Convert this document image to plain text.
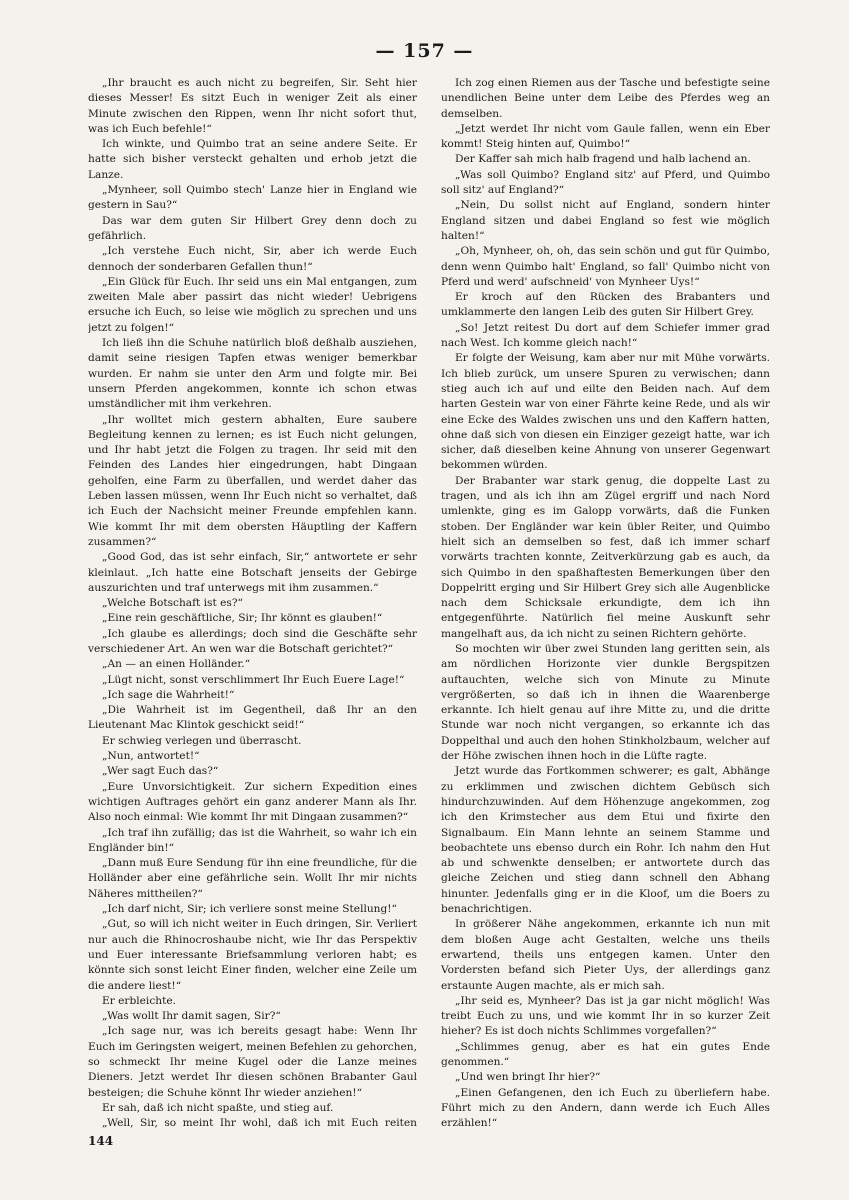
— 157 —

„Ihr braucht es auch nicht zu begreifen, Sir. Seht hier dieses Messer! Es sitzt Euch in weniger Zeit als einer Minute zwischen den Rippen, wenn Ihr nicht sofort thut, was ich Euch befehle!“

Ich winkte, und Quimbo trat an seine andere Seite. Er hatte sich bisher versteckt gehalten und erhob jetzt die Lanze.

„Mynheer, soll Quimbo stech' Lanze hier in England wie gestern in Sau?“

Das war dem guten Sir Hilbert Grey denn doch zu gefährlich.

„Ich verstehe Euch nicht, Sir, aber ich werde Euch dennoch der sonderbaren Gefallen thun!“

„Ein Glück für Euch. Ihr seid uns ein Mal entgangen, zum zweiten Male aber passirt das nicht wieder! Uebrigens ersuche ich Euch, so leise wie möglich zu sprechen und uns jetzt zu folgen!“

Ich ließ ihn die Schuhe natürlich bloß deßhalb ausziehen, damit seine riesigen Tapfen etwas weniger bemerkbar wurden. Er nahm sie unter den Arm und folgte mir. Bei unsern Pferden angekommen, konnte ich schon etwas umständlicher mit ihm verkehren.

„Ihr wolltet mich gestern abhalten, Eure saubere Begleitung kennen zu lernen; es ist Euch nicht gelungen, und Ihr habt jetzt die Folgen zu tragen. Ihr seid mit den Feinden des Landes hier eingedrungen, habt Dingaan geholfen, eine Farm zu überfallen, und werdet daher das Leben lassen müssen, wenn Ihr Euch nicht so verhaltet, daß ich Euch der Nachsicht meiner Freunde empfehlen kann. Wie kommt Ihr mit dem obersten Häuptling der Kaffern zusammen?“

„Good God, das ist sehr einfach, Sir,“ antwortete er sehr kleinlaut. „Ich hatte eine Botschaft jenseits der Gebirge auszurichten und traf unterwegs mit ihm zusammen.“

„Welche Botschaft ist es?“

„Eine rein geschäftliche, Sir; Ihr könnt es glauben!“

„Ich glaube es allerdings; doch sind die Geschäfte sehr verschiedener Art. An wen war die Botschaft gerichtet?“

„An — an einen Holländer.“

„Lügt nicht, sonst verschlimmert Ihr Euch Euere Lage!“

„Ich sage die Wahrheit!“

„Die Wahrheit ist im Gegentheil, daß Ihr an den Lieutenant Mac Klintok geschickt seid!“

Er schwieg verlegen und überrascht.

„Nun, antwortet!“

„Wer sagt Euch das?“

„Eure Unvorsichtigkeit. Zur sichern Expedition eines wichtigen Auftrages gehört ein ganz anderer Mann als Ihr. Also noch einmal: Wie kommt Ihr mit Dingaan zusammen?“

„Ich traf ihn zufällig; das ist die Wahrheit, so wahr ich ein Engländer bin!“

„Dann muß Eure Sendung für ihn eine freundliche, für die Holländer aber eine gefährliche sein. Wollt Ihr mir nichts Näheres mittheilen?“

„Ich darf nicht, Sir; ich verliere sonst meine Stellung!“

„Gut, so will ich nicht weiter in Euch dringen, Sir. Verliert nur auch die Rhinocroshaube nicht, wie Ihr das Perspektiv und Euer interessante Briefsammlung verloren habt; es könnte sich sonst leicht Einer finden, welcher eine Zeile um die andere liest!“

Er erbleichte.

„Was wollt Ihr damit sagen, Sir?“

„Ich sage nur, was ich bereits gesagt habe: Wenn Ihr Euch im Geringsten weigert, meinen Befehlen zu gehorchen, so schmeckt Ihr meine Kugel oder die Lanze meines Dieners. Jetzt werdet Ihr diesen schönen Brabanter Gaul besteigen; die Schuhe könnt Ihr wieder anziehen!“

Er sah, daß ich nicht spaßte, und stieg auf.

„Well, Sir, so meint Ihr wohl, daß ich mit Euch reiten

Ich zog einen Riemen aus der Tasche und befestigte seine unendlichen Beine unter dem Leibe des Pferdes weg an demselben.

„Jetzt werdet Ihr nicht vom Gaule fallen, wenn ein Eber kommt! Steig hinten auf, Quimbo!“

Der Kaffer sah mich halb fragend und halb lachend an.

„Was soll Quimbo? England sitz' auf Pferd, und Quimbo soll sitz' auf England?“

„Nein, Du sollst nicht auf England, sondern hinter England sitzen und dabei England so fest wie möglich halten!“

„Oh, Mynheer, oh, oh, das sein schön und gut für Quimbo, denn wenn Quimbo halt' England, so fall' Quimbo nicht von Pferd und werd' aufschneid' von Mynheer Uys!“

Er kroch auf den Rücken des Brabanters und umklammerte den langen Leib des guten Sir Hilbert Grey.

„So! Jetzt reitest Du dort auf dem Schiefer immer grad nach West. Ich komme gleich nach!“

Er folgte der Weisung, kam aber nur mit Mühe vorwärts. Ich blieb zurück, um unsere Spuren zu verwischen; dann stieg auch ich auf und eilte den Beiden nach. Auf dem harten Gestein war von einer Fährte keine Rede, und als wir eine Ecke des Waldes zwischen uns und den Kaffern hatten, ohne daß sich von diesen ein Einziger gezeigt hatte, war ich sicher, daß dieselben keine Ahnung von unserer Gegenwart bekommen würden.

Der Brabanter war stark genug, die doppelte Last zu tragen, und als ich ihn am Zügel ergriff und nach Nord umlenkte, ging es im Galopp vorwärts, daß die Funken stoben. Der Engländer war kein übler Reiter, und Quimbo hielt sich an demselben so fest, daß ich immer scharf vorwärts trachten konnte, Zeitverkürzung gab es auch, da sich Quimbo in den spaßhaftesten Bemerkungen über den Doppelritt erging und Sir Hilbert Grey sich alle Augenblicke nach dem Schicksale erkundigte, dem ich ihn entgegenführte. Natürlich fiel meine Auskunft sehr mangelhaft aus, da ich nicht zu seinen Richtern gehörte.

So mochten wir über zwei Stunden lang geritten sein, als am nördlichen Horizonte vier dunkle Bergspitzen auftauchten, welche sich von Minute zu Minute vergrößerten, so daß ich in ihnen die Waarenberge erkannte. Ich hielt genau auf ihre Mitte zu, und die dritte Stunde war noch nicht vergangen, so erkannte ich das Doppelthal und auch den hohen Stinkholzbaum, welcher auf der Höhe zwischen ihnen hoch in die Lüfte ragte.

Jetzt wurde das Fortkommen schwerer; es galt, Abhänge zu erklimmen und zwischen dichtem Gebüsch sich hindurchzuwinden. Auf dem Höhenzuge angekommen, zog ich den Krimstecher aus dem Etui und fixirte den Signalbaum. Ein Mann lehnte an seinem Stamme und beobachtete uns ebenso durch ein Rohr. Ich nahm den Hut ab und schwenkte denselben; er antwortete durch das gleiche Zeichen und stieg dann schnell den Abhang hinunter. Jedenfalls ging er in die Kloof, um die Boers zu benachrichtigen.

In größerer Nähe angekommen, erkannte ich nun mit dem bloßen Auge acht Gestalten, welche uns theils erwartend, theils uns entgegen kamen. Unter den Vordersten befand sich Pieter Uys, der allerdings ganz erstaunte Augen machte, als er mich sah.

„Ihr seid es, Mynheer? Das ist ja gar nicht möglich! Was treibt Euch zu uns, und wie kommt Ihr in so kurzer Zeit hieher? Es ist doch nichts Schlimmes vorgefallen?“

„Schlimmes genug, aber es hat ein gutes Ende genommen.“

„Und wen bringt Ihr hier?“

„Einen Gefangenen, den ich Euch zu überliefern habe. Führt mich zu den Andern, dann werde ich Euch Alles erzählen!“

144
